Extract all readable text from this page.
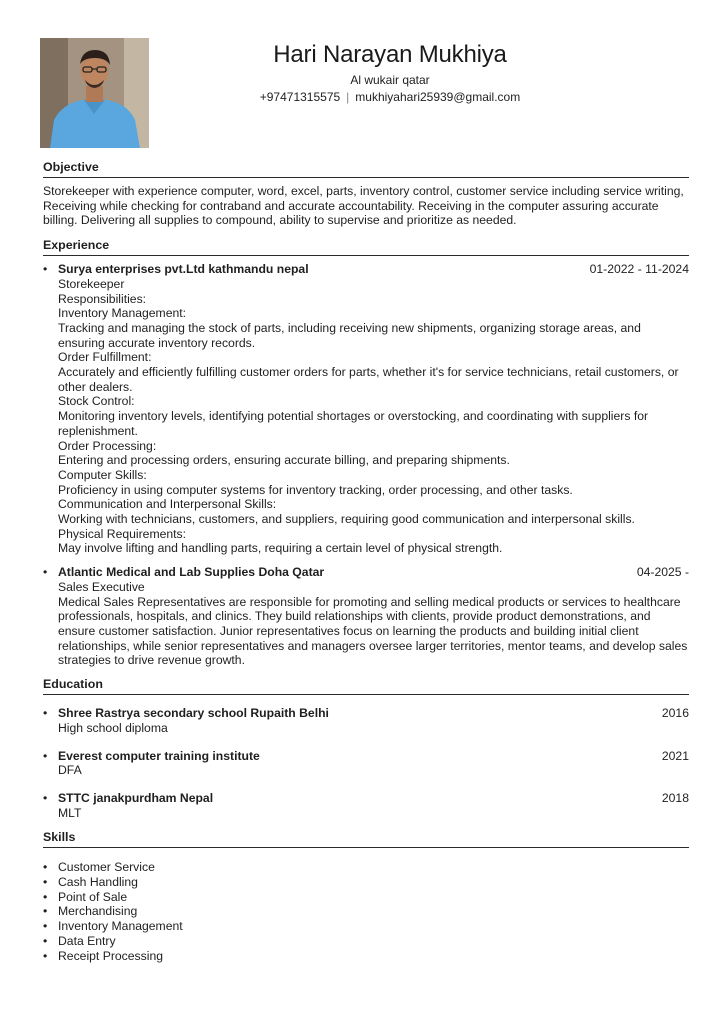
Hari Narayan Mukhiya
Al wukair qatar
+97471315575 | mukhiyahari25939@gmail.com
Objective

Storekeeper with experience computer, word, excel, parts, inventory control, customer service including service writing, Receiving while checking for contraband and accurate accountability. Receiving in the computer assuring accurate billing. Delivering all supplies to compound, ability to supervise and prioritize as needed.

Experience
• Surya enterprises pvt.Ltd kathmandu nepal	01-2022 - 11-2024
Storekeeper
Responsibilities:
Inventory Management:
Tracking and managing the stock of parts, including receiving new shipments, organizing storage areas, and ensuring accurate inventory records.
Order Fulfillment:
Accurately and efficiently fulfilling customer orders for parts, whether it's for service technicians, retail customers, or other dealers.
Stock Control:
Monitoring inventory levels, identifying potential shortages or overstocking, and coordinating with suppliers for replenishment.
Order Processing:
Entering and processing orders, ensuring accurate billing, and preparing shipments.
Computer Skills:
Proficiency in using computer systems for inventory tracking, order processing, and other tasks.
Communication and Interpersonal Skills:
Working with technicians, customers, and suppliers, requiring good communication and interpersonal skills.
Physical Requirements:
May involve lifting and handling parts, requiring a certain level of physical strength.
• Atlantic Medical and Lab Supplies Doha Qatar	04-2025 -
Sales Executive
Medical Sales Representatives are responsible for promoting and selling medical products or services to healthcare professionals, hospitals, and clinics. They build relationships with clients, provide product demonstrations, and ensure customer satisfaction. Junior representatives focus on learning the products and building initial client relationships, while senior representatives and managers oversee larger territories, mentor teams, and develop sales strategies to drive revenue growth.
Education
• Shree Rastrya secondary school Rupaith Belhi	2016
High school diploma
• Everest computer training institute	2021
DFA
• STTC janakpurdham Nepal	2018
MLT
Skills
• Customer Service
• Cash Handling
• Point of Sale
• Merchandising
• Inventory Management
• Data Entry
• Receipt Processing
